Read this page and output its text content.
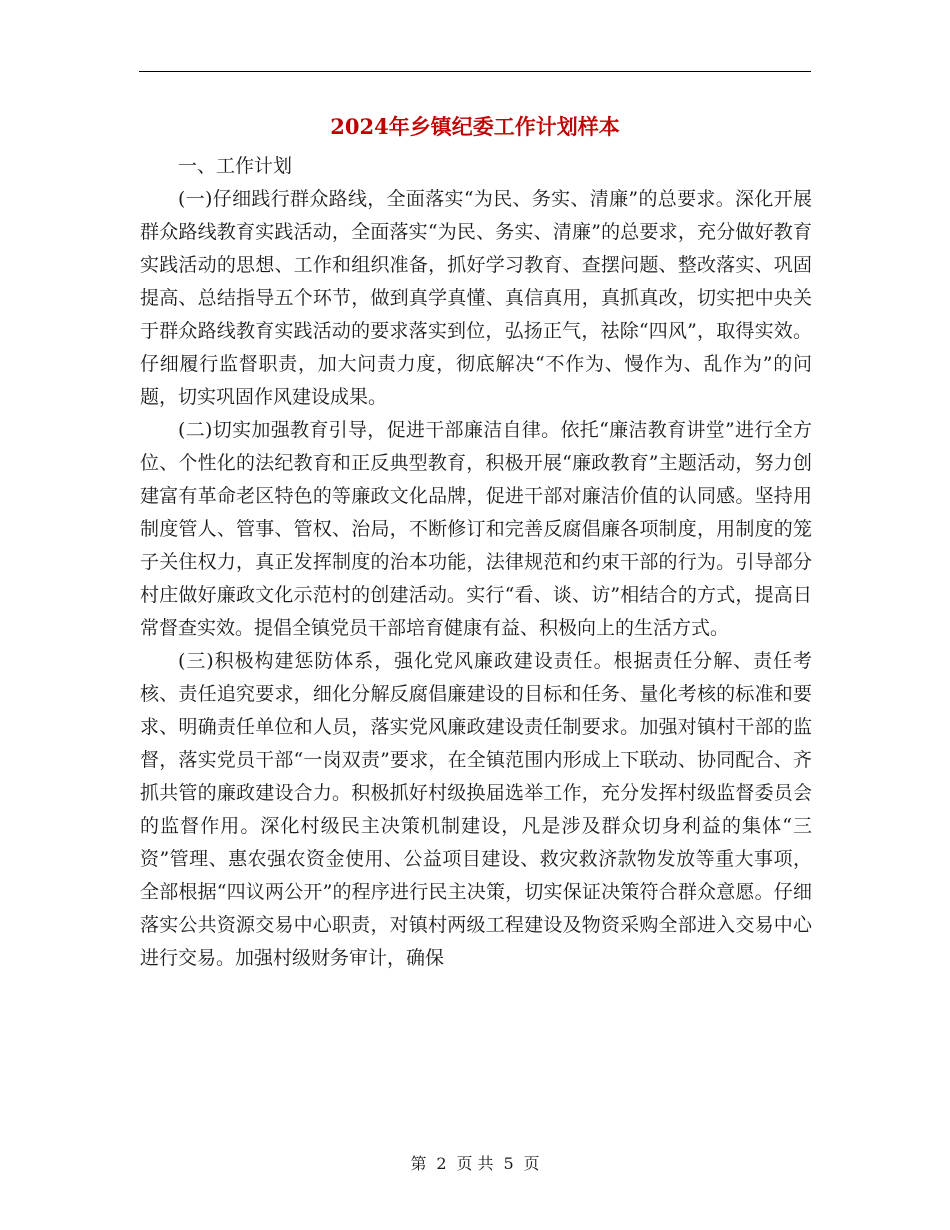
2024年乡镇纪委工作计划样本

一、工作计划

(一)仔细践行群众路线，全面落实“为民、务实、清廉”的总要求。深化开展群众路线教育实践活动，全面落实“为民、务实、清廉”的总要求，充分做好教育实践活动的思想、工作和组织准备，抓好学习教育、查摆问题、整改落实、巩固提高、总结指导五个环节，做到真学真懂、真信真用，真抓真改，切实把中央关于群众路线教育实践活动的要求落实到位，弘扬正气，祛除“四风”，取得实效。仔细履行监督职责，加大问责力度，彻底解决“不作为、慢作为、乱作为”的问题，切实巩固作风建设成果。

(二)切实加强教育引导，促进干部廉洁自律。依托“廉洁教育讲堂”进行全方位、个性化的法纪教育和正反典型教育，积极开展“廉政教育”主题活动，努力创建富有革命老区特色的等廉政文化品牌，促进干部对廉洁价值的认同感。坚持用制度管人、管事、管权、治局，不断修订和完善反腐倡廉各项制度，用制度的笼子关住权力，真正发挥制度的治本功能，法律规范和约束干部的行为。引导部分村庄做好廉政文化示范村的创建活动。实行“看、谈、访”相结合的方式，提高日常督查实效。提倡全镇党员干部培育健康有益、积极向上的生活方式。

(三)积极构建惩防体系，强化党风廉政建设责任。根据责任分解、责任考核、责任追究要求，细化分解反腐倡廉建设的目标和任务、量化考核的标准和要求、明确责任单位和人员，落实党风廉政建设责任制要求。加强对镇村干部的监督，落实党员干部“一岗双责”要求，在全镇范围内形成上下联动、协同配合、齐抓共管的廉政建设合力。积极抓好村级换届选举工作，充分发挥村级监督委员会的监督作用。深化村级民主决策机制建设，凡是涉及群众切身利益的集体“三资”管理、惠农强农资金使用、公益项目建设、救灾救济款物发放等重大事项，全部根据“四议两公开”的程序进行民主决策，切实保证决策符合群众意愿。仔细落实公共资源交易中心职责，对镇村两级工程建设及物资采购全部进入交易中心进行交易。加强村级财务审计，确保

第 2 页 共 5 页
